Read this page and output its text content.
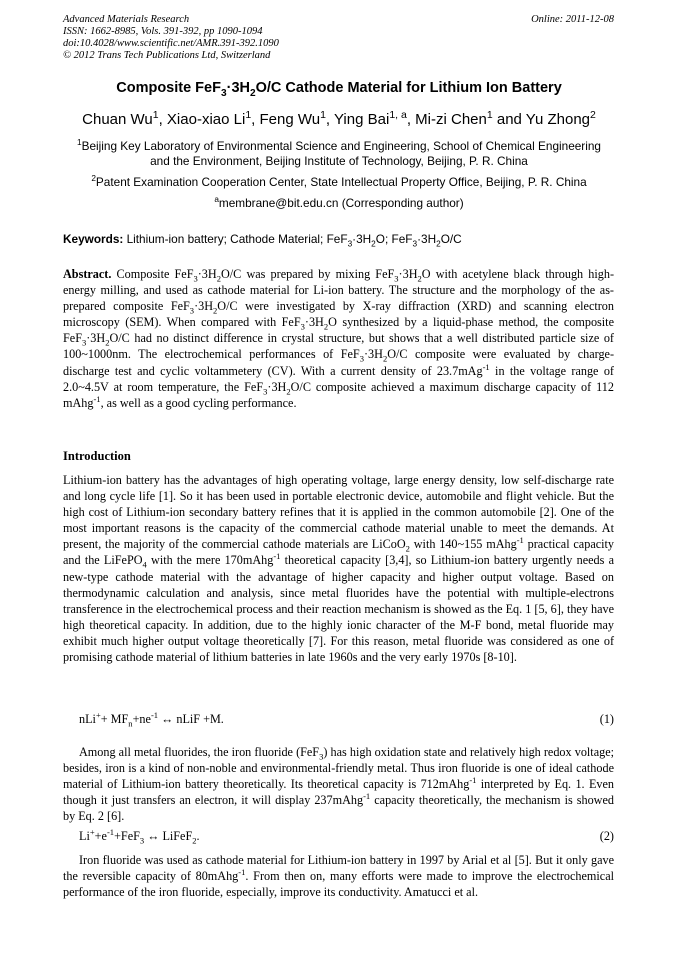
Advanced Materials Research
ISSN: 1662-8985, Vols. 391-392, pp 1090-1094
doi:10.4028/www.scientific.net/AMR.391-392.1090
© 2012 Trans Tech Publications Ltd, Switzerland
Online: 2011-12-08
Composite $FeF_3\cdot 3H_2O/C$ Cathode Material for Lithium Ion Battery
Chuan Wu$^1$, Xiao-xiao Li$^1$, Feng Wu$^1$, Ying Bai$^{1, a}$, Mi-zi Chen$^1$ and Yu Zhong$^2$
$^1$Beijing Key Laboratory of Environmental Science and Engineering, School of Chemical Engineering
and the Environment, Beijing Institute of Technology, Beijing, P. R. China
$^2$Patent Examination Cooperation Center, State Intellectual Property Office, Beijing, P. R. China
$^a$membrane@bit.edu.cn (Corresponding author)
Keywords: Lithium-ion battery; Cathode Material; $FeF_3\cdot 3H_2O$; $FeF_3\cdot 3H_2O/C$
Abstract. Composite $FeF_3\cdot 3H_2O/C$ was prepared by mixing $FeF_3\cdot 3H_2O$ with acetylene black through high-energy milling, and used as cathode material for Li-ion battery. The structure and the morphology of the as-prepared composite $FeF_3\cdot 3H_2O/C$ were investigated by X-ray diffraction (XRD) and scanning electron microscopy (SEM). When compared with $FeF_3\cdot 3H_2O$ synthesized by a liquid-phase method, the composite $FeF_3\cdot 3H_2O/C$ had no distinct difference in crystal structure, but shows that a well distributed particle size of 100~1000nm. The electrochemical performances of $FeF_3\cdot 3H_2O/C$ composite were evaluated by charge-discharge test and cyclic voltammetery (CV). With a current density of 23.7mAg$^{-1}$ in the voltage range of 2.0~4.5V at room temperature, the $FeF_3\cdot 3H_2O/C$ composite achieved a maximum discharge capacity of 112 mAhg$^{-1}$, as well as a good cycling performance.
Introduction
Lithium-ion battery has the advantages of high operating voltage, large energy density, low self-discharge rate and long cycle life [1]. So it has been used in portable electronic device, automobile and flight vehicle. But the high cost of Lithium-ion secondary battery refines that it is applied in the common automobile [2]. One of the most important reasons is the capacity of the commercial cathode material unable to meet the demands. At present, the majority of the commercial cathode materials are LiCoO$_2$ with 140~155 mAhg$^{-1}$ practical capacity and the LiFePO$_4$ with the mere 170mAhg$^{-1}$ theoretical capacity [3,4], so Lithium-ion battery urgently needs a new-type cathode material with the advantage of higher capacity and higher output voltage. Based on thermodynamic calculation and analysis, since metal fluorides have the potential with multiple-electrons transference in the electrochemical process and their reaction mechanism is showed as the Eq. 1 [5, 6], they have high theoretical capacity. In addition, due to the highly ionic character of the M-F bond, metal fluoride may exhibit much higher output voltage theoretically [7]. For this reason, metal fluoride was considered as one of promising cathode material of lithium batteries in late 1960s and the very early 1970s [8-10].
$nLi^++ MF_n+ne^{-1}$ ↔ nLiF +M.	(1)
Among all metal fluorides, the iron fluoride (FeF$_3$) has high oxidation state and relatively high redox voltage; besides, iron is a kind of non-noble and environmental-friendly metal. Thus iron fluoride is one of ideal cathode material of Lithium-ion battery theoretically. Its theoretical capacity is 712mAhg$^{-1}$ interpreted by Eq. 1. Even though it just transfers an electron, it will display 237mAhg$^{-1}$ capacity theoretically, the mechanism is showed by Eq. 2 [6].
$Li^++e^{-1}+FeF_3$ ↔ LiFeF$_2$.	(2)
Iron fluoride was used as cathode material for Lithium-ion battery in 1997 by Arial et al [5]. But it only gave the reversible capacity of 80mAhg$^{-1}$. From then on, many efforts were made to improve the electrochemical performance of the iron fluoride, especially, improve its conductivity. Amatucci et al.
